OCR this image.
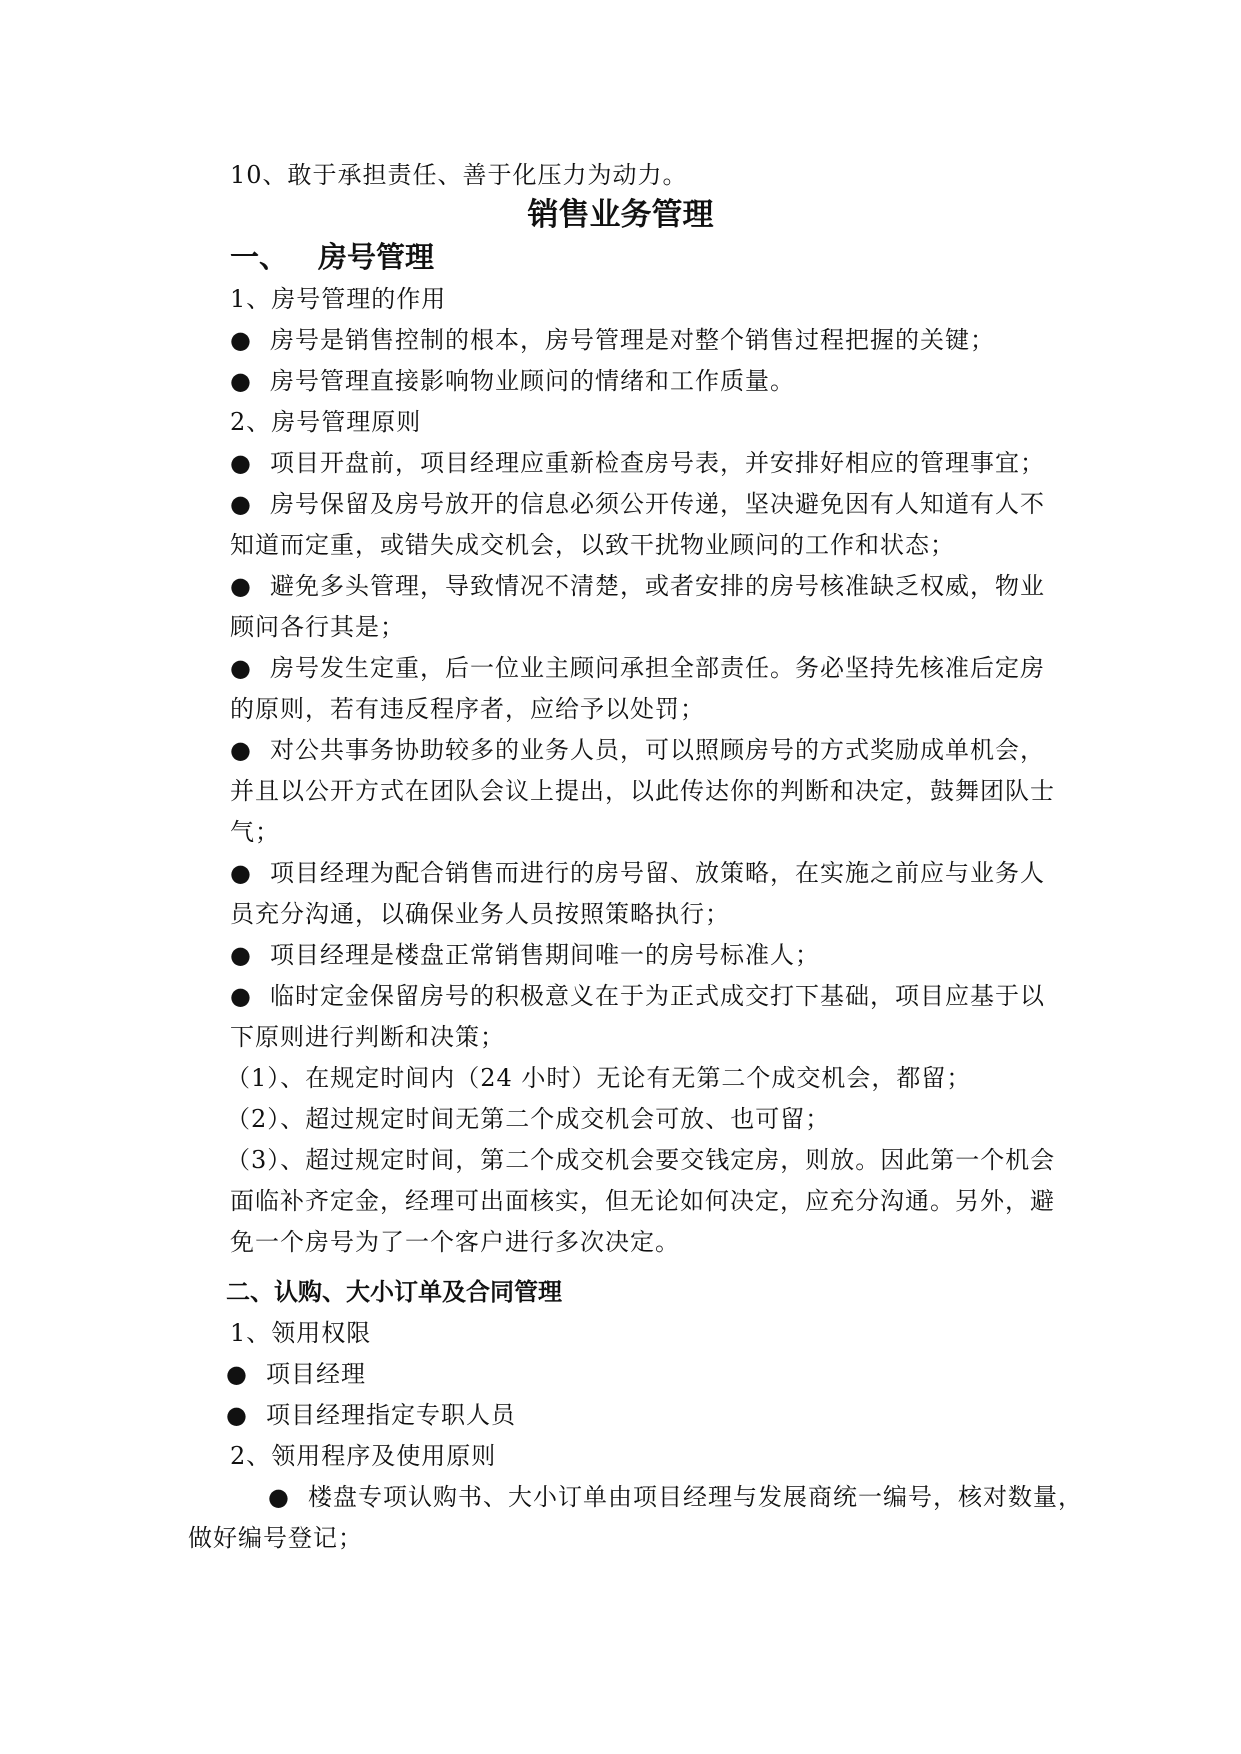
10、敢于承担责任、善于化压力为动力。
销售业务管理
一、 房号管理
1、房号管理的作用
● 房号是销售控制的根本，房号管理是对整个销售过程把握的关键；
● 房号管理直接影响物业顾问的情绪和工作质量。
2、房号管理原则
● 项目开盘前，项目经理应重新检查房号表，并安排好相应的管理事宜；
● 房号保留及房号放开的信息必须公开传递，坚决避免因有人知道有人不
知道而定重，或错失成交机会，以致干扰物业顾问的工作和状态；
● 避免多头管理，导致情况不清楚，或者安排的房号核准缺乏权威，物业
顾问各行其是；
● 房号发生定重，后一位业主顾问承担全部责任。务必坚持先核准后定房
的原则，若有违反程序者，应给予以处罚；
● 对公共事务协助较多的业务人员，可以照顾房号的方式奖励成单机会，
并且以公开方式在团队会议上提出，以此传达你的判断和决定，鼓舞团队士
气；
● 项目经理为配合销售而进行的房号留、放策略，在实施之前应与业务人
员充分沟通，以确保业务人员按照策略执行；
● 项目经理是楼盘正常销售期间唯一的房号标准人；
● 临时定金保留房号的积极意义在于为正式成交打下基础，项目应基于以
下原则进行判断和决策；
（1）、在规定时间内（24 小时）无论有无第二个成交机会，都留；
（2）、超过规定时间无第二个成交机会可放、也可留；
（3）、超过规定时间，第二个成交机会要交钱定房，则放。因此第一个机会
面临补齐定金，经理可出面核实，但无论如何决定，应充分沟通。另外，避
免一个房号为了一个客户进行多次决定。
二、认购、大小订单及合同管理
1、领用权限
● 项目经理
● 项目经理指定专职人员
2、领用程序及使用原则
● 楼盘专项认购书、大小订单由项目经理与发展商统一编号，核对数量，
做好编号登记；
